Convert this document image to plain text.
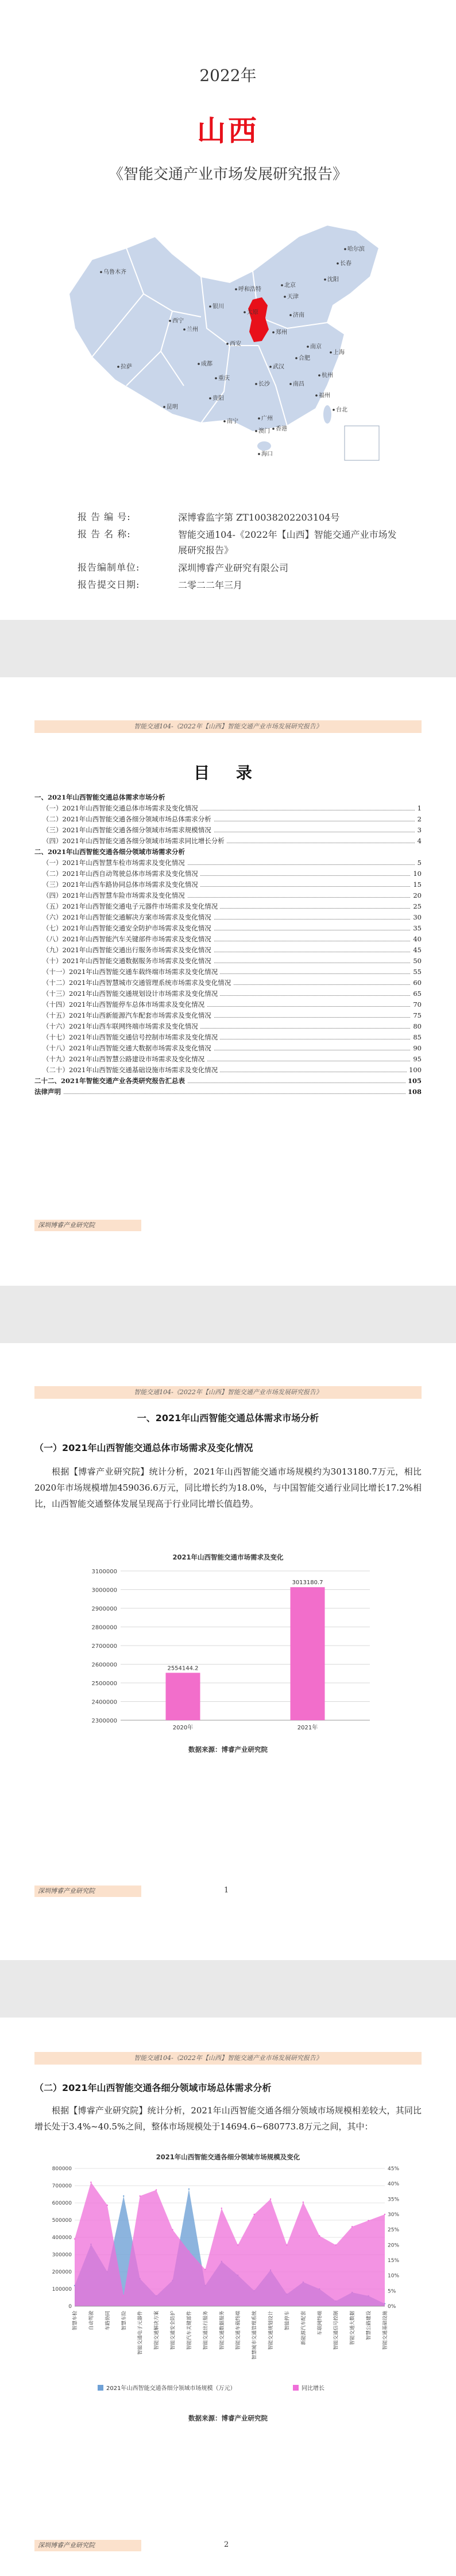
2022年
山西
《智能交通产业市场发展研究报告》
哈尔滨
长春
沈阳
乌鲁木齐
呼和浩特
北京
天津
银川
太原	济南
西宁
兰州	郑州
西安	南京
上海
合肥
拉萨	成都	武汉
杭州
重庆
长沙	南昌
福州
贵阳
台北
昆明
南宁	广州
香港
澳门
海口
报 告 编 号:	深博睿监字第 ZT10038202203104号
报 告 名 称:	智能交通104-《2022年【山西】智能交通产业市场发展研究报告》
报告编制单位:	深圳博睿产业研究有限公司
报告提交日期:	二零二二年三月
智能交通104-《2022年【山西】智能交通产业市场发展研究报告》
目 录
一、2021年山西智能交通总体需求市场分析
（一）2021年山西智能交通总体市场需求及变化情况	1
（二）2021年山西智能交通各细分领域市场总体需求分析	2
（三）2021年山西智能交通各细分领域市场需求规模情况	3
（四）2021年山西智能交通各细分领域市场需求同比增长分析	4
二、2021年山西智能交通各细分领域市场需求分析
（一）2021年山西智慧车检市场需求及变化情况	5
（二）2021年山西自动驾驶总体市场需求及变化情况	10
（三）2021年山西车路协同总体市场需求及变化情况	15
（四）2021年山西智慧车险市场需求及变化情况	20
（五）2021年山西智能交通电子元器件市场需求及变化情况	25
（六）2021年山西智能交通解决方案市场需求及变化情况	30
（七）2021年山西智能交通安全防护市场需求及变化情况	35
（八）2021年山西智能汽车关键部件市场需求及变化情况	40
（九）2021年山西智能交通出行服务市场需求及变化情况	45
（十）2021年山西智能交通数据服务市场需求及变化情况	50
（十一）2021年山西智能交通车载终端市场需求及变化情况	55
（十二）2021年山西智慧城市交通管理系统市场需求及变化情况	60
（十三）2021年山西智能交通规划设计市场需求及变化情况	65
（十四）2021年山西智能停车总体市场需求及变化情况	70
（十五）2021年山西新能源汽车配套市场需求及变化情况	75
（十六）2021年山西车联网终端市场需求及变化情况	80
（十七）2021年山西智能交通信号控制市场需求及变化情况	85
（十八）2021年山西智能交通大数据市场需求及变化情况	90
（十九）2021年山西智慧公路建设市场需求及变化情况	95
（二十）2021年山西智能交通基础设施市场需求及变化情况	100
二十二、2021年智能交通产业各类研究报告汇总表	105
法律声明	108
深圳博睿产业研究院
智能交通104-《2022年【山西】智能交通产业市场发展研究报告》
一、2021年山西智能交通总体需求市场分析
（一）2021年山西智能交通总体市场需求及变化情况
根据【博睿产业研究院】统计分析，2021年山西智能交通市场规模约为3013180.7万元，相比2020年市场规模增加459036.6万元，同比增长约为18.0%，与中国智能交通行业同比增长17.2%相比，山西智能交通整体发展呈现高于行业同比增长值趋势。
2021年山西智能交通市场需求及变化
2300000
2400000
2500000
2600000
2700000
2800000
2900000
3000000
3100000
2554144.2
2020年
3013180.7
2021年
数据来源：博睿产业研究院
深圳博睿产业研究院	1
智能交通104-《2022年【山西】智能交通产业市场发展研究报告》
（二）2021年山西智能交通各细分领域市场总体需求分析
根据【博睿产业研究院】统计分析，2021年山西智能交通各细分领域市场规模相差较大，其同比增长处于3.4%~40.5%之间，整体市场规模处于14694.6~680773.8万元之间，其中：
2021年山西智能交通各细分领域市场规模及变化
0
100000
200000
300000
400000
500000
600000
700000
800000
0%
5%
10%
15%
20%
25%
30%
35%
40%
45%
智慧车检 自动驾驶 车路协同 智慧车险 智能交通电子元器件 智能交通解决方案 智能交通安全防护 智能汽车关键部件 智能交通出行服务 智能交通数据服务 智能交通车载终端 智慧城市交通管理系统 智能交通规划设计 智能停车 新能源汽车配套 车联网终端 智能交通信号控制 智能交通大数据 智慧公路建设 智能交通基础设施
2021年山西智能交通各细分领域市场规模（万元）	同比增长
数据来源：博睿产业研究院
深圳博睿产业研究院	2
